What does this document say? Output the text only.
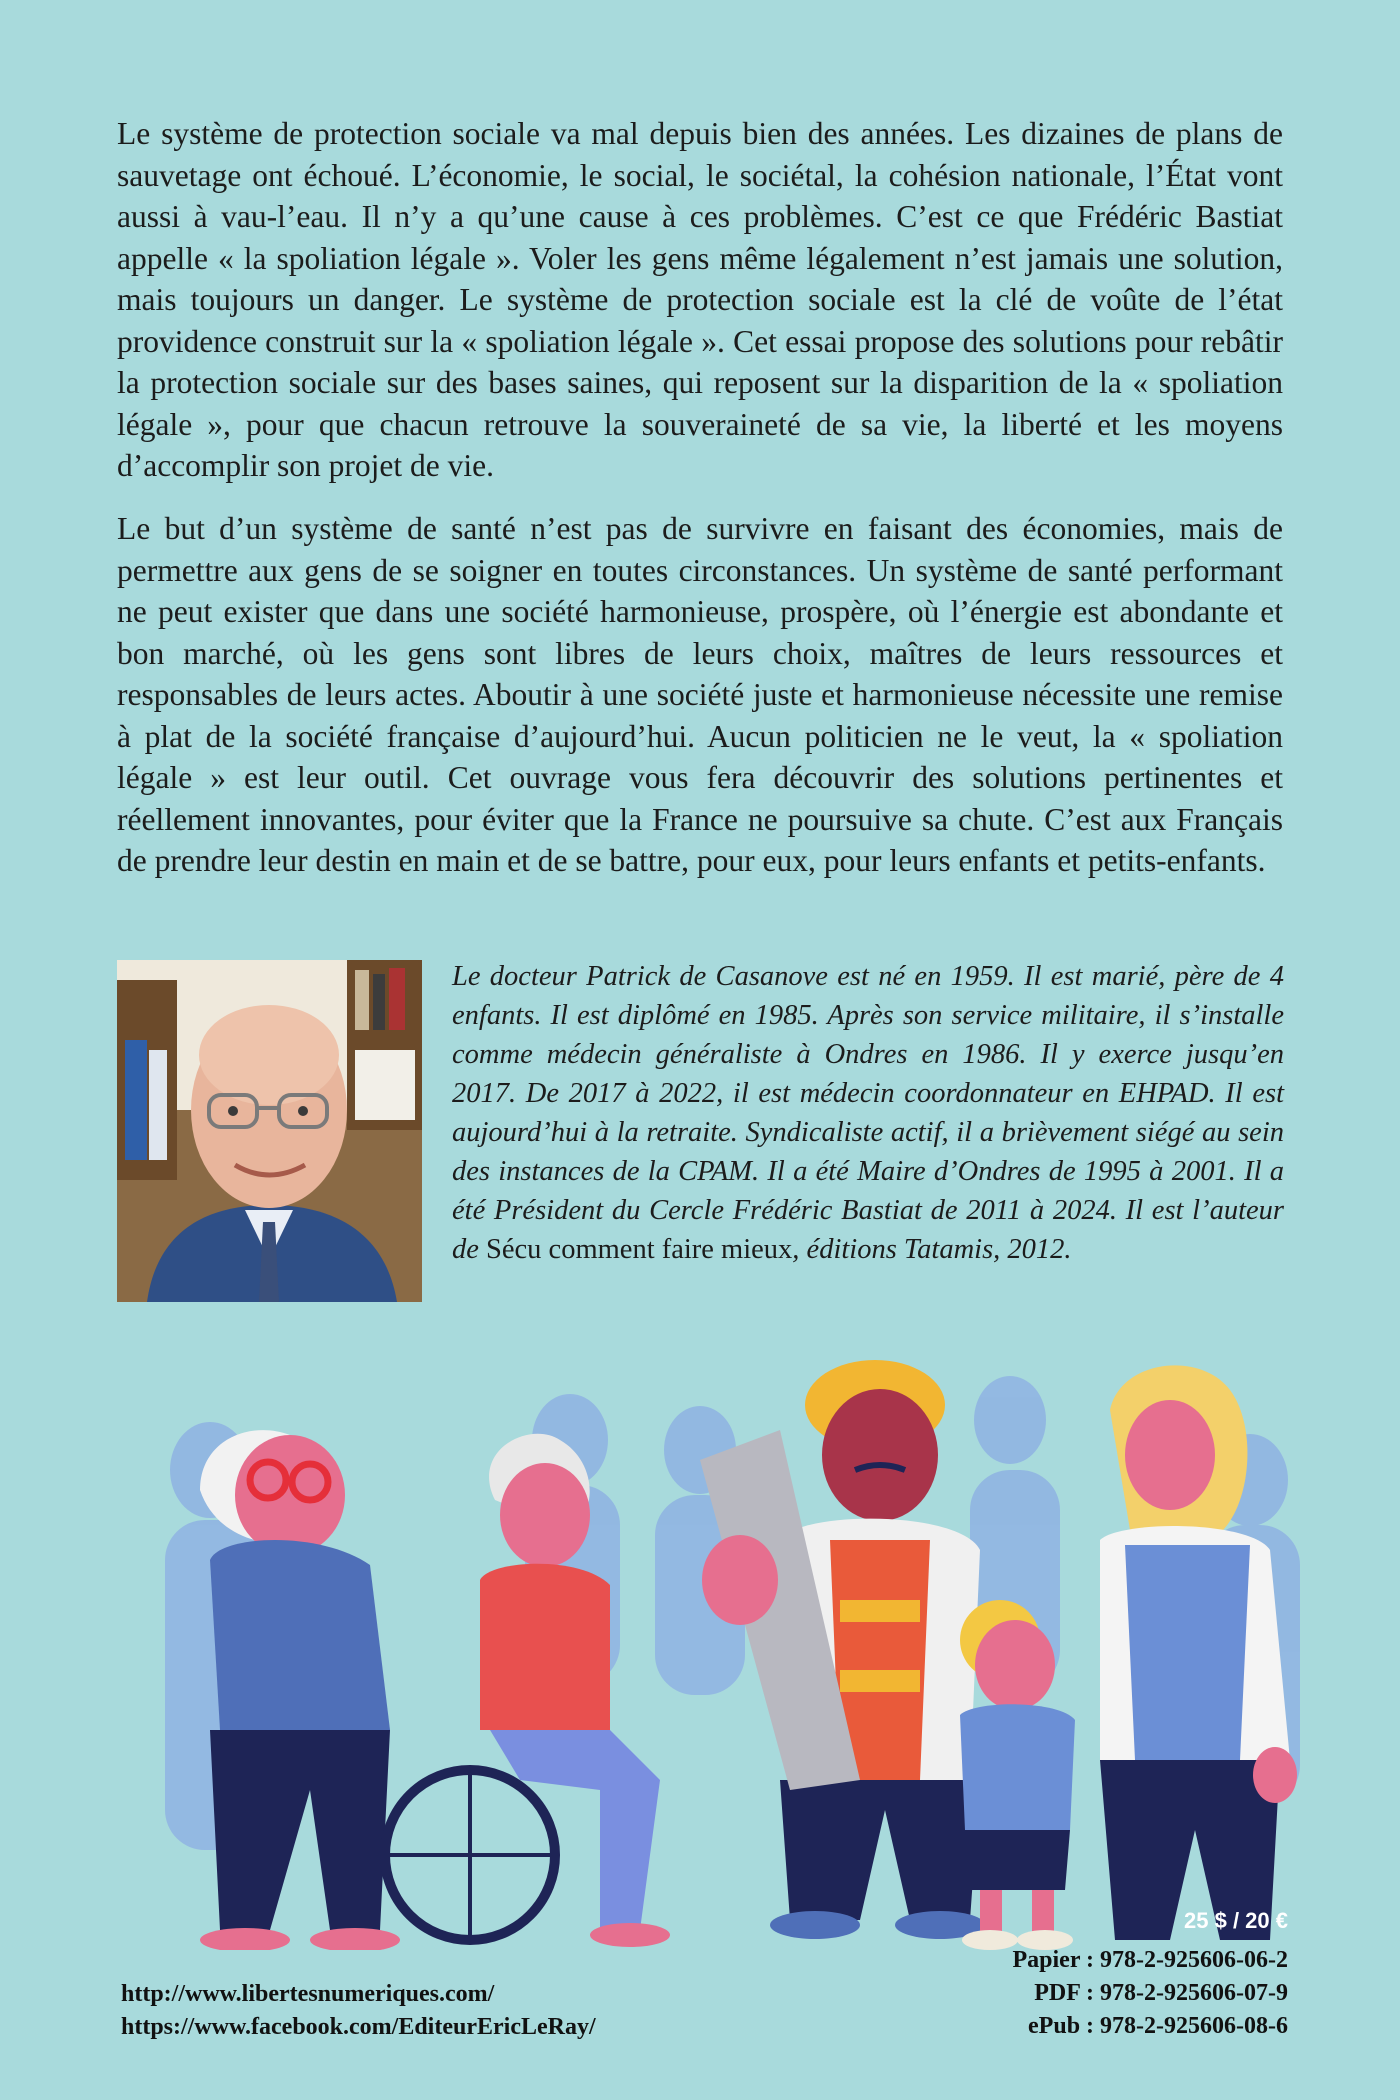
Le système de protection sociale va mal depuis bien des années. Les dizaines de plans de sauvetage ont échoué. L’économie, le social, le sociétal, la cohésion nationale, l’État vont aussi à vau-l’eau. Il n’y a qu’une cause à ces problèmes. C’est ce que Frédéric Bastiat appelle « la spoliation légale ». Voler les gens même légalement n’est jamais une solution, mais toujours un danger. Le système de protection sociale est la clé de voûte de l’état providence construit sur la « spoliation légale ». Cet essai propose des solutions pour rebâtir la protection sociale sur des bases saines, qui reposent sur la disparition de la « spoliation légale », pour que chacun retrouve la souveraineté de sa vie, la liberté et les moyens d’accomplir son projet de vie.

Le but d’un système de santé n’est pas de survivre en faisant des économies, mais de permettre aux gens de se soigner en toutes circonstances. Un système de santé performant ne peut exister que dans une société harmonieuse, prospère, où l’énergie est abondante et bon marché, où les gens sont libres de leurs choix, maîtres de leurs ressources et responsables de leurs actes. Aboutir à une société juste et harmonieuse nécessite une remise à plat de la société française d’aujourd’hui. Aucun politicien ne le veut, la « spoliation légale » est leur outil. Cet ouvrage vous fera découvrir des solutions pertinentes et réellement innovantes, pour éviter que la France ne poursuive sa chute. C’est aux Français de prendre leur destin en main et de se battre, pour eux, pour leurs enfants et petits-enfants.

Le docteur Patrick de Casanove est né en 1959. Il est marié, père de 4 enfants. Il est diplômé en 1985. Après son service militaire, il s’installe comme médecin généraliste à Ondres en 1986. Il y exerce jusqu’en 2017. De 2017 à 2022, il est médecin coordonnateur en EHPAD. Il est aujourd’hui à la retraite. Syndicaliste actif, il a brièvement siégé au sein des instances de la CPAM. Il a été Maire d’Ondres de 1995 à 2001. Il a été Président du Cercle Frédéric Bastiat de 2011 à 2024. Il est l’auteur de Sécu comment faire mieux, éditions Tatamis, 2012.

25 $ / 20 €
Papier : 978-2-925606-06-2
PDF : 978-2-925606-07-9
ePub : 978-2-925606-08-6
http://www.libertesnumeriques.com/
https://www.facebook.com/EditeurEricLeRay/
